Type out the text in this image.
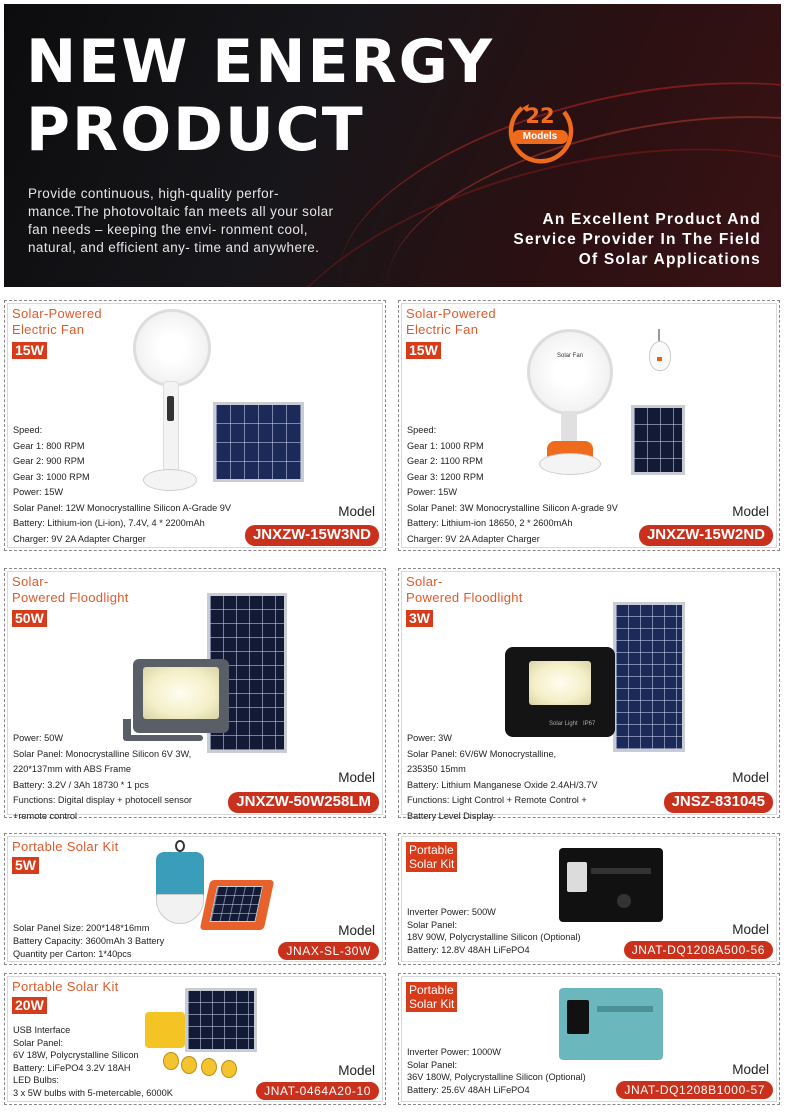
NEW ENERGY
PRODUCT	22
Models
Provide continuous, high-quality perfor- mance.The photovoltaic fan meets all your solar fan needs – keeping the envi- ronment cool, natural, and efficient any- time and anywhere.
An Excellent Product And
Service Provider In The Field
Of Solar Applications
Solar-Powered
Electric Fan
15W
Speed:
Gear 1: 800 RPM
Gear 2: 900 RPM
Gear 3: 1000 RPM
Power: 15W
Solar Panel: 12W Monocrystalline Silicon A-Grade 9V
Battery: Lithium-ion (Li-ion), 7.4V, 4 * 2200mAh
Charger: 9V 2A Adapter Charger
Model
JNXZW-15W3ND
Solar-Powered
Electric Fan
15W	Solar Fan
Speed:
Gear 1: 1000 RPM
Gear 2: 1100 RPM
Gear 3: 1200 RPM
Power: 15W
Solar Panel: 3W Monocrystalline Silicon A-grade 9V
Battery: Lithium-ion 18650, 2 * 2600mAh
Charger: 9V 2A Adapter Charger
Model
JNXZW-15W2ND
Solar-
Powered Floodlight
50W
Power: 50W
Solar Panel: Monocrystalline Silicon 6V 3W,
220*137mm with ABS Frame
Battery: 3.2V / 3Ah 18730 * 1 pcs
Functions: Digital display + photocell sensor
+remote control
Model
JNXZW-50W258LM
Solar-
Powered Floodlight
3W
Solar Light IP67
Power: 3W
Solar Panel: 6V/6W Monocrystalline,
235350 15mm
Battery: Lithium Manganese Oxide 2.4AH/3.7V
Functions: Light Control + Remote Control +
Battery Level Display
Model
JNSZ-831045
Portable Solar Kit
5W
Solar Panel Size: 200*148*16mm
Battery Capacity: 3600mAh 3 Battery
Quantity per Carton: 1*40pcs
Model
JNAX-SL-30W
Portable
Solar Kit
Inverter Power: 500W
Solar Panel:
18V 90W, Polycrystalline Silicon (Optional)
Battery: 12.8V 48AH LiFePO4
Model
JNAT-DQ1208A500-56
Portable Solar Kit
20W
USB Interface
Solar Panel:
6V 18W, Polycrystalline Silicon
Battery: LiFePO4 3.2V 18AH
LED Bulbs:
3 x 5W bulbs with 5-metercable, 6000K
Model
JNAT-0464A20-10
Portable
Solar Kit
Inverter Power: 1000W
Solar Panel:
36V 180W, Polycrystalline Silicon (Optional)
Battery: 25.6V 48AH LiFePO4
Model
JNAT-DQ1208B1000-57
